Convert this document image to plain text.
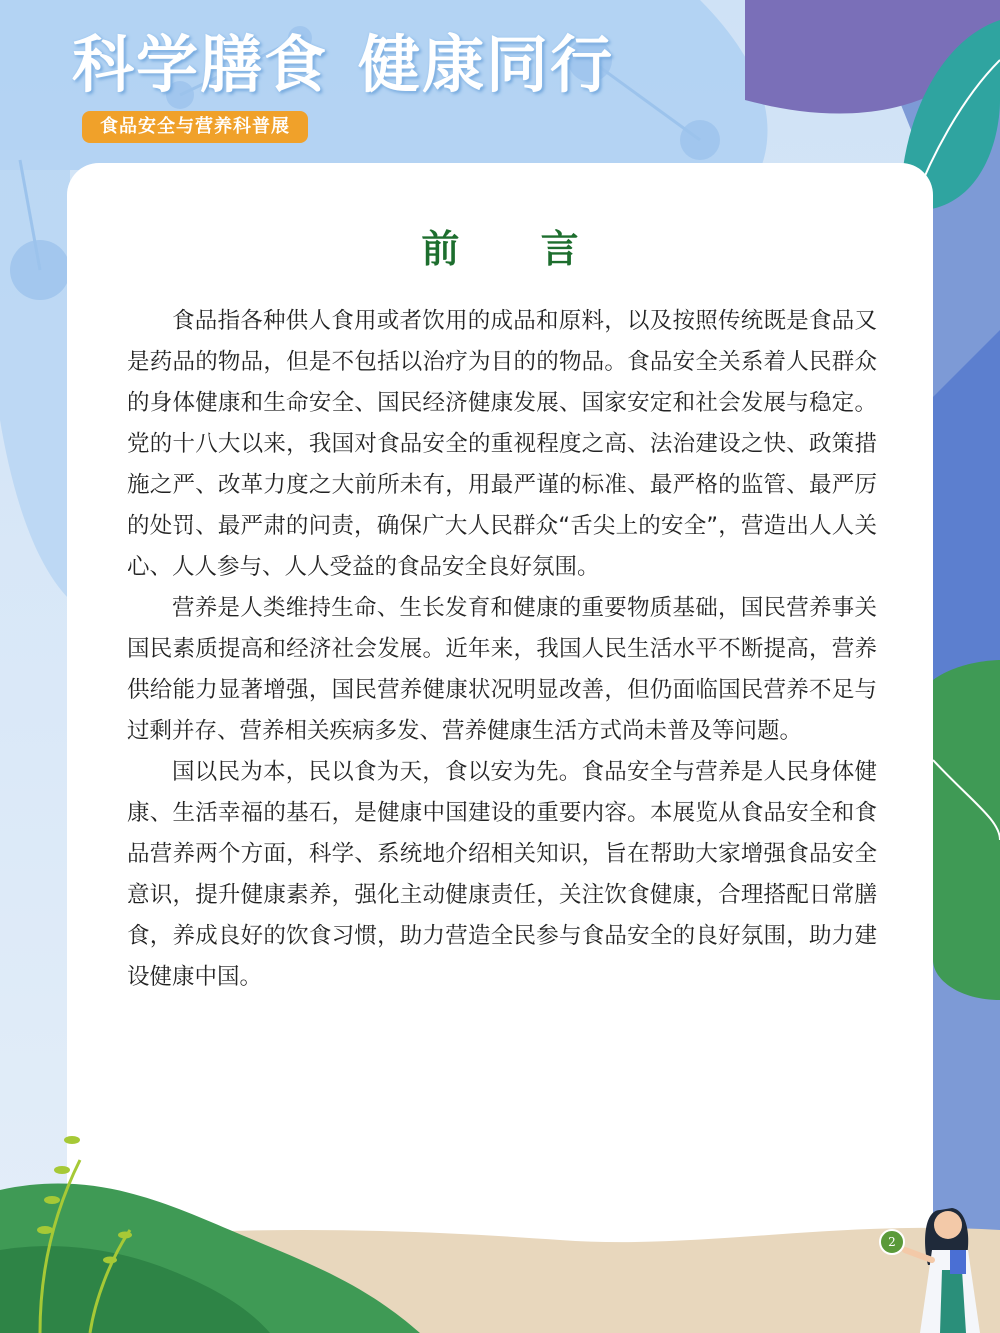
科学膳食 健康同行
食品安全与营养科普展
前 言

食品指各种供人食用或者饮用的成品和原料，以及按照传统既是食品又是药品的物品，但是不包括以治疗为目的的物品。食品安全关系着人民群众的身体健康和生命安全、国民经济健康发展、国家安定和社会发展与稳定。党的十八大以来，我国对食品安全的重视程度之高、法治建设之快、政策措施之严、改革力度之大前所未有，用最严谨的标准、最严格的监管、最严厉的处罚、最严肃的问责，确保广大人民群众“舌尖上的安全”，营造出人人关心、人人参与、人人受益的食品安全良好氛围。

营养是人类维持生命、生长发育和健康的重要物质基础，国民营养事关国民素质提高和经济社会发展。近年来，我国人民生活水平不断提高，营养供给能力显著增强，国民营养健康状况明显改善，但仍面临国民营养不足与过剩并存、营养相关疾病多发、营养健康生活方式尚未普及等问题。

国以民为本，民以食为天，食以安为先。食品安全与营养是人民身体健康、生活幸福的基石，是健康中国建设的重要内容。本展览从食品安全和食品营养两个方面，科学、系统地介绍相关知识，旨在帮助大家增强食品安全意识，提升健康素养，强化主动健康责任，关注饮食健康，合理搭配日常膳食，养成良好的饮食习惯，助力营造全民参与食品安全的良好氛围，助力建设健康中国。

2
